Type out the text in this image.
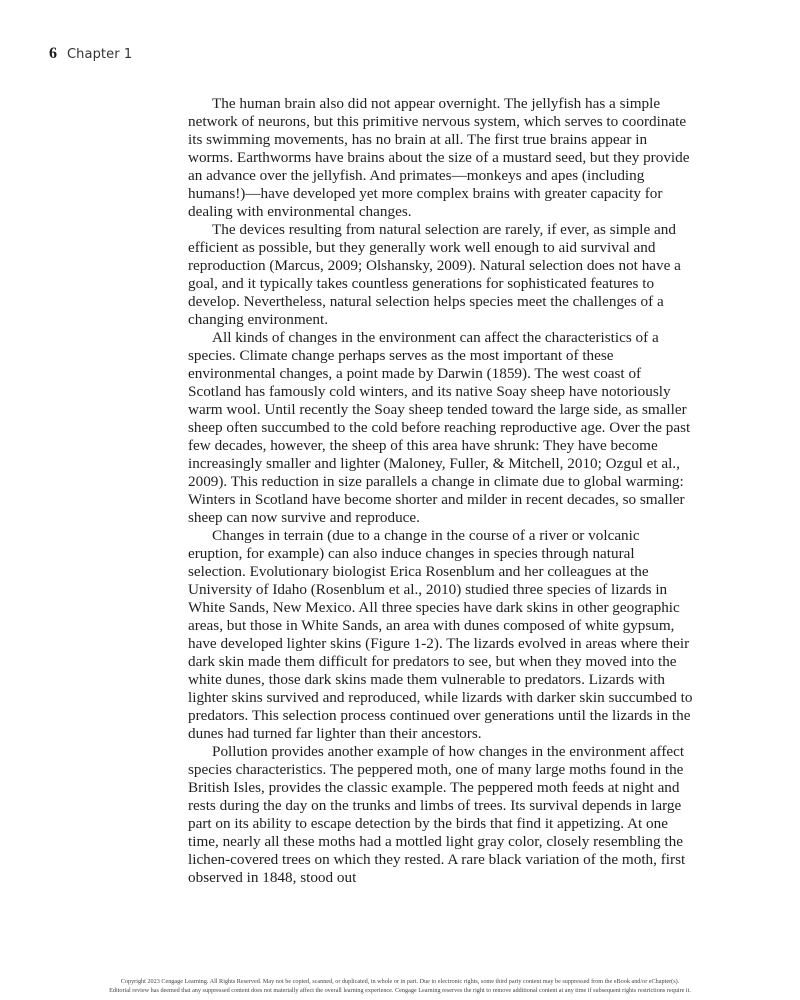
6 Chapter 1

The human brain also did not appear overnight. The jellyfish has a simple network of neurons, but this primitive nervous system, which serves to coordinate its swimming movements, has no brain at all. The first true brains appear in worms. Earthworms have brains about the size of a mustard seed, but they provide an advance over the jellyfish. And primates—monkeys and apes (including humans!)—have developed yet more complex brains with greater capacity for dealing with environmental changes.

The devices resulting from natural selection are rarely, if ever, as simple and efficient as possible, but they generally work well enough to aid survival and reproduction (Marcus, 2009; Olshansky, 2009). Natural selection does not have a goal, and it typically takes countless generations for sophisticated features to develop. Nevertheless, natural selection helps species meet the challenges of a changing environment.

All kinds of changes in the environment can affect the characteristics of a species. Climate change perhaps serves as the most important of these environmental changes, a point made by Darwin (1859). The west coast of Scotland has famously cold winters, and its native Soay sheep have notoriously warm wool. Until recently the Soay sheep tended toward the large side, as smaller sheep often succumbed to the cold before reaching reproductive age. Over the past few decades, however, the sheep of this area have shrunk: They have become increasingly smaller and lighter (Maloney, Fuller, & Mitchell, 2010; Ozgul et al., 2009). This reduction in size parallels a change in climate due to global warming: Winters in Scotland have become shorter and milder in recent decades, so smaller sheep can now survive and reproduce.

Changes in terrain (due to a change in the course of a river or volcanic eruption, for example) can also induce changes in species through natural selection. Evolutionary biologist Erica Rosenblum and her colleagues at the University of Idaho (Rosenblum et al., 2010) studied three species of lizards in White Sands, New Mexico. All three species have dark skins in other geographic areas, but those in White Sands, an area with dunes composed of white gypsum, have developed lighter skins (Figure 1-2). The lizards evolved in areas where their dark skin made them difficult for predators to see, but when they moved into the white dunes, those dark skins made them vulnerable to predators. Lizards with lighter skins survived and reproduced, while lizards with darker skin succumbed to predators. This selection process continued over generations until the lizards in the dunes had turned far lighter than their ancestors.

Pollution provides another example of how changes in the environment affect species characteristics. The peppered moth, one of many large moths found in the British Isles, provides the classic example. The peppered moth feeds at night and rests during the day on the trunks and limbs of trees. Its survival depends in large part on its ability to escape detection by the birds that find it appetizing. At one time, nearly all these moths had a mottled light gray color, closely resembling the lichen-covered trees on which they rested. A rare black variation of the moth, first observed in 1848, stood out

Copyright 2023 Cengage Learning. All Rights Reserved. May not be copied, scanned, or duplicated, in whole or in part. Due to electronic rights, some third party content may be suppressed from the eBook and/or eChapter(s).
Editorial review has deemed that any suppressed content does not materially affect the overall learning experience. Cengage Learning reserves the right to remove additional content at any time if subsequent rights restrictions require it.
